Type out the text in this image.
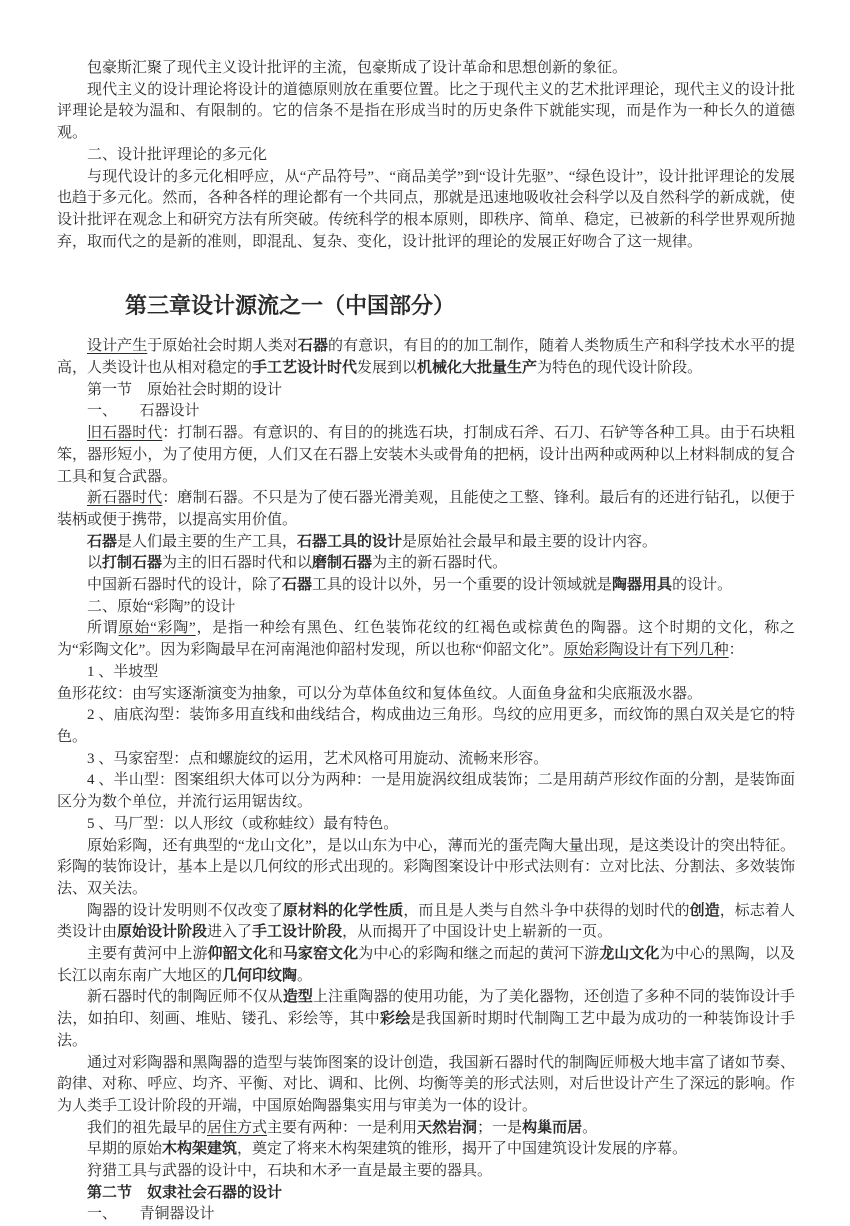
包豪斯汇聚了现代主义设计批评的主流，包豪斯成了设计革命和思想创新的象征。

现代主义的设计理论将设计的道德原则放在重要位置。比之于现代主义的艺术批评理论，现代主义的设计批评理论是较为温和、有限制的。它的信条不是指在形成当时的历史条件下就能实现，而是作为一种长久的道德观。

二、设计批评理论的多元化

与现代设计的多元化相呼应，从“产品符号”、“商品美学”到“设计先驱”、“绿色设计”，设计批评理论的发展也趋于多元化。然而，各种各样的理论都有一个共同点，那就是迅速地吸收社会科学以及自然科学的新成就，使设计批评在观念上和研究方法有所突破。传统科学的根本原则，即秩序、简单、稳定，已被新的科学世界观所抛弃，取而代之的是新的准则，即混乱、复杂、变化，设计批评的理论的发展正好吻合了这一规律。

第三章设计源流之一（中国部分）

设计产生于原始社会时期人类对石器的有意识，有目的的加工制作，随着人类物质生产和科学技术水平的提高，人类设计也从相对稳定的手工艺设计时代发展到以机械化大批量生产为特色的现代设计阶段。

第一节　原始社会时期的设计

一、　　石器设计

旧石器时代：打制石器。有意识的、有目的的挑选石块，打制成石斧、石刀、石铲等各种工具。由于石块粗笨，器形短小，为了使用方便，人们又在石器上安装木头或骨角的把柄，设计出两种或两种以上材料制成的复合工具和复合武器。

新石器时代：磨制石器。不只是为了使石器光滑美观，且能使之工整、锋利。最后有的还进行钻孔，以便于装柄或便于携带，以提高实用价值。

石器是人们最主要的生产工具，石器工具的设计是原始社会最早和最主要的设计内容。

以打制石器为主的旧石器时代和以磨制石器为主的新石器时代。

中国新石器时代的设计，除了石器工具的设计以外，另一个重要的设计领域就是陶器用具的设计。

二、原始“彩陶”的设计

所谓原始“彩陶”，是指一种绘有黑色、红色装饰花纹的红褐色或棕黄色的陶器。这个时期的文化，称之为“彩陶文化”。因为彩陶最早在河南渑池仰韶村发现，所以也称“仰韶文化”。原始彩陶设计有下列几种：

1 、半坡型

鱼形花纹：由写实逐渐演变为抽象，可以分为草体鱼纹和复体鱼纹。人面鱼身盆和尖底瓶汲水器。

2 、庙底沟型：装饰多用直线和曲线结合，构成曲边三角形。鸟纹的应用更多，而纹饰的黑白双关是它的特色。

3 、马家窑型：点和螺旋纹的运用，艺术风格可用旋动、流畅来形容。

4 、半山型：图案组织大体可以分为两种：一是用旋涡纹组成装饰；二是用葫芦形纹作面的分割，是装饰面区分为数个单位，并流行运用锯齿纹。

5 、马厂型：以人形纹（或称蛙纹）最有特色。

原始彩陶，还有典型的“龙山文化”，是以山东为中心，薄而光的蛋壳陶大量出现，是这类设计的突出特征。彩陶的装饰设计，基本上是以几何纹的形式出现的。彩陶图案设计中形式法则有：立对比法、分割法、多效装饰法、双关法。

陶器的设计发明则不仅改变了原材料的化学性质，而且是人类与自然斗争中获得的划时代的创造，标志着人类设计由原始设计阶段进入了手工设计阶段，从而揭开了中国设计史上崭新的一页。

主要有黄河中上游仰韶文化和马家窑文化为中心的彩陶和继之而起的黄河下游龙山文化为中心的黑陶，以及长江以南东南广大地区的几何印纹陶。

新石器时代的制陶匠师不仅从造型上注重陶器的使用功能，为了美化器物，还创造了多种不同的装饰设计手法，如拍印、刻画、堆贴、镂孔、彩绘等，其中彩绘是我国新时期时代制陶工艺中最为成功的一种装饰设计手法。

通过对彩陶器和黑陶器的造型与装饰图案的设计创造，我国新石器时代的制陶匠师极大地丰富了诸如节奏、韵律、对称、呼应、均齐、平衡、对比、调和、比例、均衡等美的形式法则，对后世设计产生了深远的影响。作为人类手工设计阶段的开端，中国原始陶器集实用与审美为一体的设计。

我们的祖先最早的居住方式主要有两种：一是利用天然岩洞；一是构巢而居。

早期的原始木构架建筑，奠定了将来木构架建筑的锥形，揭开了中国建筑设计发展的序幕。

狩猎工具与武器的设计中，石块和木矛一直是最主要的器具。

第二节　奴隶社会石器的设计

一、　　青铜器设计
